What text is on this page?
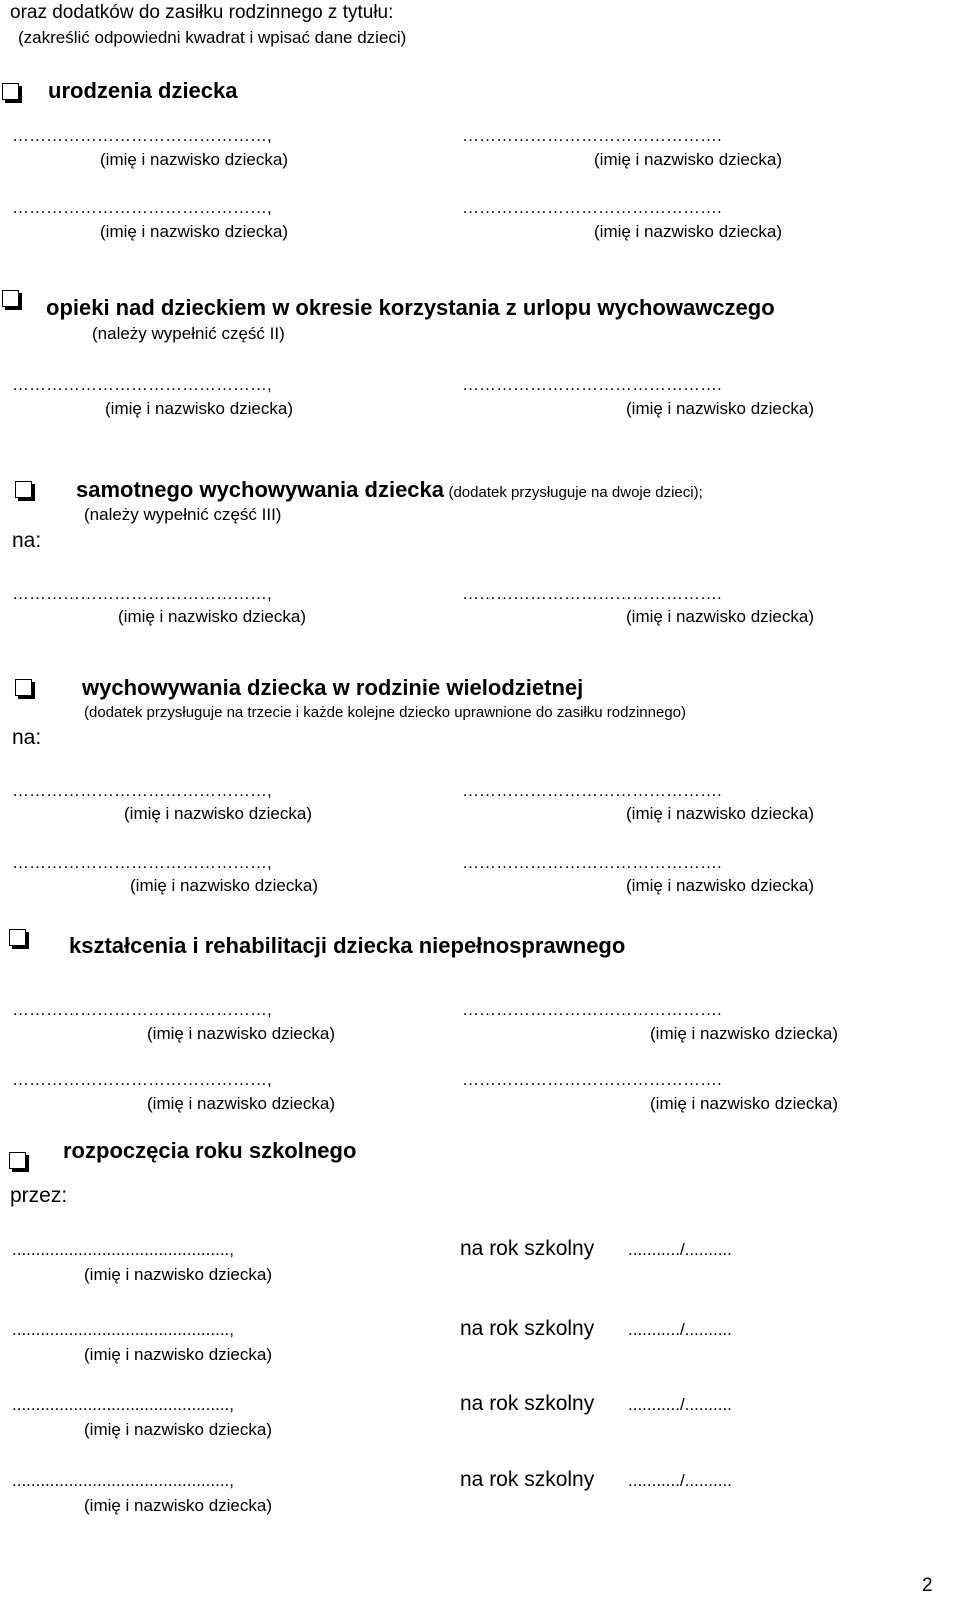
oraz dodatków do zasiłku rodzinnego z tytułu:
(zakreślić odpowiedni kwadrat i wpisać dane dzieci)
urodzenia dziecka
………………………………………,	……………………………………….
(imię i nazwisko dziecka)	(imię i nazwisko dziecka)
………………………………………,	……………………………………….
(imię i nazwisko dziecka)	(imię i nazwisko dziecka)
opieki nad dzieckiem w okresie korzystania z urlopu wychowawczego
(należy wypełnić część II)
………………………………………,	……………………………………….
(imię i nazwisko dziecka)	(imię i nazwisko dziecka)
samotnego wychowywania dziecka (dodatek przysługuje na dwoje dzieci);
(należy wypełnić część III)
na:
………………………………………,	……………………………………….
(imię i nazwisko dziecka)	(imię i nazwisko dziecka)
wychowywania dziecka w rodzinie wielodzietnej
(dodatek przysługuje na trzecie i każde kolejne dziecko uprawnione do zasiłku rodzinnego)
na:
………………………………………,	……………………………………….
(imię i nazwisko dziecka)	(imię i nazwisko dziecka)
………………………………………,	……………………………………….
(imię i nazwisko dziecka)	(imię i nazwisko dziecka)
kształcenia i rehabilitacji dziecka niepełnosprawnego
………………………………………,	……………………………………….
(imię i nazwisko dziecka)	(imię i nazwisko dziecka)
………………………………………,	……………………………………….
(imię i nazwisko dziecka)	(imię i nazwisko dziecka)
rozpoczęcia roku szkolnego
przez:
..............................................,	na rok szkolny .........../..........
(imię i nazwisko dziecka)
..............................................,	na rok szkolny .........../..........
(imię i nazwisko dziecka)
..............................................,	na rok szkolny .........../..........
(imię i nazwisko dziecka)
..............................................,	na rok szkolny .........../..........
(imię i nazwisko dziecka)
2
